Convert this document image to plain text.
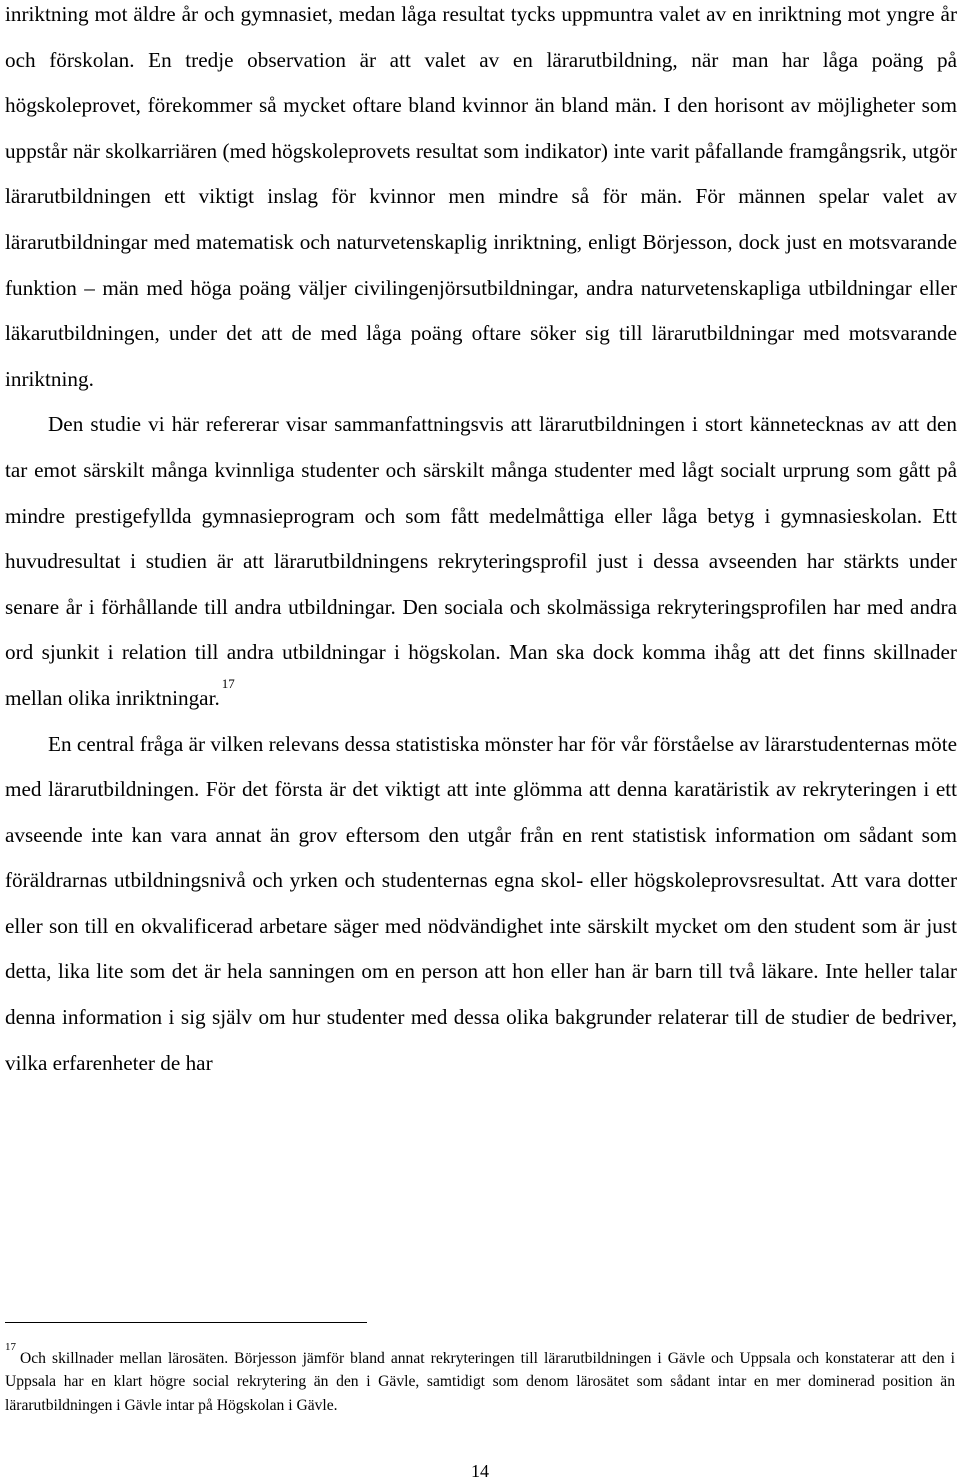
inriktning mot äldre år och gymnasiet, medan låga resultat tycks uppmuntra valet av en inriktning mot yngre år och förskolan. En tredje observation är att valet av en lärarutbildning, när man har låga poäng på högskoleprovet, förekommer så mycket oftare bland kvinnor än bland män. I den horisont av möjligheter som uppstår när skolkarriären (med högskoleprovets resultat som indikator) inte varit påfallande framgångsrik, utgör lärarutbildningen ett viktigt inslag för kvinnor men mindre så för män. För männen spelar valet av lärarutbildningar med matematisk och naturvetenskaplig inriktning, enligt Börjesson, dock just en motsvarande funktion – män med höga poäng väljer civilingenjörsutbildningar, andra naturvetenskapliga utbildningar eller läkarutbildningen, under det att de med låga poäng oftare söker sig till lärarutbildningar med motsvarande inriktning.

Den studie vi här refererar visar sammanfattningsvis att lärarutbildningen i stort kännetecknas av att den tar emot särskilt många kvinnliga studenter och särskilt många studenter med lågt socialt urprung som gått på mindre prestigefyllda gymnasieprogram och som fått medelmåttiga eller låga betyg i gymnasieskolan. Ett huvudresultat i studien är att lärarutbildningens rekryteringsprofil just i dessa avseenden har stärkts under senare år i förhållande till andra utbildningar. Den sociala och skolmässiga rekryteringsprofilen har med andra ord sjunkit i relation till andra utbildningar i högskolan. Man ska dock komma ihåg att det finns skillnader mellan olika inriktningar.$^{17}$

En central fråga är vilken relevans dessa statistiska mönster har för vår förståelse av lärarstudenternas möte med lärarutbildningen. För det första är det viktigt att inte glömma att denna karatäristik av rekryteringen i ett avseende inte kan vara annat än grov eftersom den utgår från en rent statistisk information om sådant som föräldrarnas utbildningsnivå och yrken och studenternas egna skol- eller högskoleprovsresultat. Att vara dotter eller son till en okvalificerad arbetare säger med nödvändighet inte särskilt mycket om den student som är just detta, lika lite som det är hela sanningen om en person att hon eller han är barn till två läkare. Inte heller talar denna information i sig själv om hur studenter med dessa olika bakgrunder relaterar till de studier de bedriver, vilka erfarenheter de har

$^{17}$Och skillnader mellan lärosäten. Börjesson jämför bland annat rekryteringen till lärarutbildningen i Gävle och Uppsala och konstaterar att den i Uppsala har en klart högre social rekrytering än den i Gävle, samtidigt som denom lärosätet som sådant intar en mer dominerad position än lärarutbildningen i Gävle intar på Högskolan i Gävle.

14
